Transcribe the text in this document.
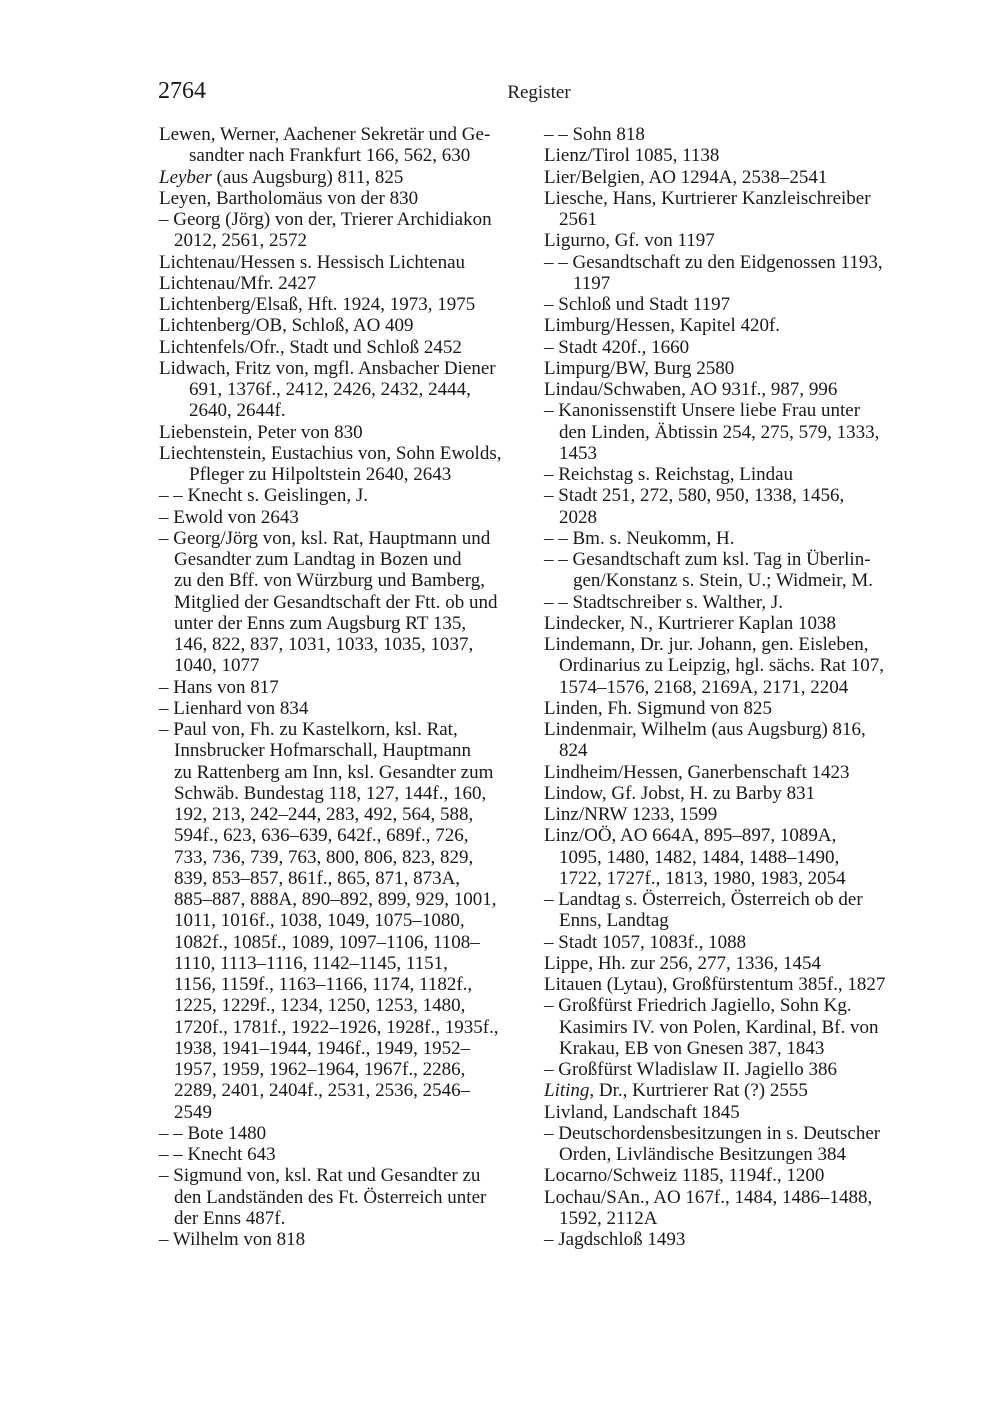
2764	Register
Lewen, Werner, Aachener Sekretär und Ge-
sandter nach Frankfurt 166, 562, 630
Leyber (aus Augsburg) 811, 825
Leyen, Bartholomäus von der 830
– Georg (Jörg) von der, Trierer Archidiakon
2012, 2561, 2572
Lichtenau/Hessen s. Hessisch Lichtenau
Lichtenau/Mfr. 2427
Lichtenberg/Elsaß, Hft. 1924, 1973, 1975
Lichtenberg/OB, Schloß, AO 409
Lichtenfels/Ofr., Stadt und Schloß 2452
Lidwach, Fritz von, mgfl. Ansbacher Diener
691, 1376f., 2412, 2426, 2432, 2444,
2640, 2644f.
Liebenstein, Peter von 830
Liechtenstein, Eustachius von, Sohn Ewolds,
Pfleger zu Hilpoltstein 2640, 2643
– – Knecht s. Geislingen, J.
– Ewold von 2643
– Georg/Jörg von, ksl. Rat, Hauptmann und
Gesandter zum Landtag in Bozen und
zu den Bff. von Würzburg und Bamberg,
Mitglied der Gesandtschaft der Ftt. ob und
unter der Enns zum Augsburg RT 135,
146, 822, 837, 1031, 1033, 1035, 1037,
1040, 1077
– Hans von 817
– Lienhard von 834
– Paul von, Fh. zu Kastelkorn, ksl. Rat,
Innsbrucker Hofmarschall, Hauptmann
zu Rattenberg am Inn, ksl. Gesandter zum
Schwäb. Bundestag 118, 127, 144f., 160,
192, 213, 242–244, 283, 492, 564, 588,
594f., 623, 636–639, 642f., 689f., 726,
733, 736, 739, 763, 800, 806, 823, 829,
839, 853–857, 861f., 865, 871, 873A,
885–887, 888A, 890–892, 899, 929, 1001,
1011, 1016f., 1038, 1049, 1075–1080,
1082f., 1085f., 1089, 1097–1106, 1108–
1110, 1113–1116, 1142–1145, 1151,
1156, 1159f., 1163–1166, 1174, 1182f.,
1225, 1229f., 1234, 1250, 1253, 1480,
1720f., 1781f., 1922–1926, 1928f., 1935f.,
1938, 1941–1944, 1946f., 1949, 1952–
1957, 1959, 1962–1964, 1967f., 2286,
2289, 2401, 2404f., 2531, 2536, 2546–
2549
– – Bote 1480
– – Knecht 643
– Sigmund von, ksl. Rat und Gesandter zu
den Landständen des Ft. Österreich unter
der Enns 487f.
– Wilhelm von 818
– – Sohn 818
Lienz/Tirol 1085, 1138
Lier/Belgien, AO 1294A, 2538–2541
Liesche, Hans, Kurtrierer Kanzleischreiber
2561
Ligurno, Gf. von 1197
– – Gesandtschaft zu den Eidgenossen 1193,
1197
– Schloß und Stadt 1197
Limburg/Hessen, Kapitel 420f.
– Stadt 420f., 1660
Limpurg/BW, Burg 2580
Lindau/Schwaben, AO 931f., 987, 996
– Kanonissenstift Unsere liebe Frau unter
den Linden, Äbtissin 254, 275, 579, 1333,
1453
– Reichstag s. Reichstag, Lindau
– Stadt 251, 272, 580, 950, 1338, 1456,
2028
– – Bm. s. Neukomm, H.
– – Gesandtschaft zum ksl. Tag in Überlin-
gen/Konstanz s. Stein, U.; Widmeir, M.
– – Stadtschreiber s. Walther, J.
Lindecker, N., Kurtrierer Kaplan 1038
Lindemann, Dr. jur. Johann, gen. Eisleben,
Ordinarius zu Leipzig, hgl. sächs. Rat 107,
1574–1576, 2168, 2169A, 2171, 2204
Linden, Fh. Sigmund von 825
Lindenmair, Wilhelm (aus Augsburg) 816,
824
Lindheim/Hessen, Ganerbenschaft 1423
Lindow, Gf. Jobst, H. zu Barby 831
Linz/NRW 1233, 1599
Linz/OÖ, AO 664A, 895–897, 1089A,
1095, 1480, 1482, 1484, 1488–1490,
1722, 1727f., 1813, 1980, 1983, 2054
– Landtag s. Österreich, Österreich ob der
Enns, Landtag
– Stadt 1057, 1083f., 1088
Lippe, Hh. zur 256, 277, 1336, 1454
Litauen (Lytau), Großfürstentum 385f., 1827
– Großfürst Friedrich Jagiello, Sohn Kg.
Kasimirs IV. von Polen, Kardinal, Bf. von
Krakau, EB von Gnesen 387, 1843
– Großfürst Wladislaw II. Jagiello 386
Liting, Dr., Kurtrierer Rat (?) 2555
Livland, Landschaft 1845
– Deutschordensbesitzungen in s. Deutscher
Orden, Livländische Besitzungen 384
Locarno/Schweiz 1185, 1194f., 1200
Lochau/SAn., AO 167f., 1484, 1486–1488,
1592, 2112A
– Jagdschloß 1493
